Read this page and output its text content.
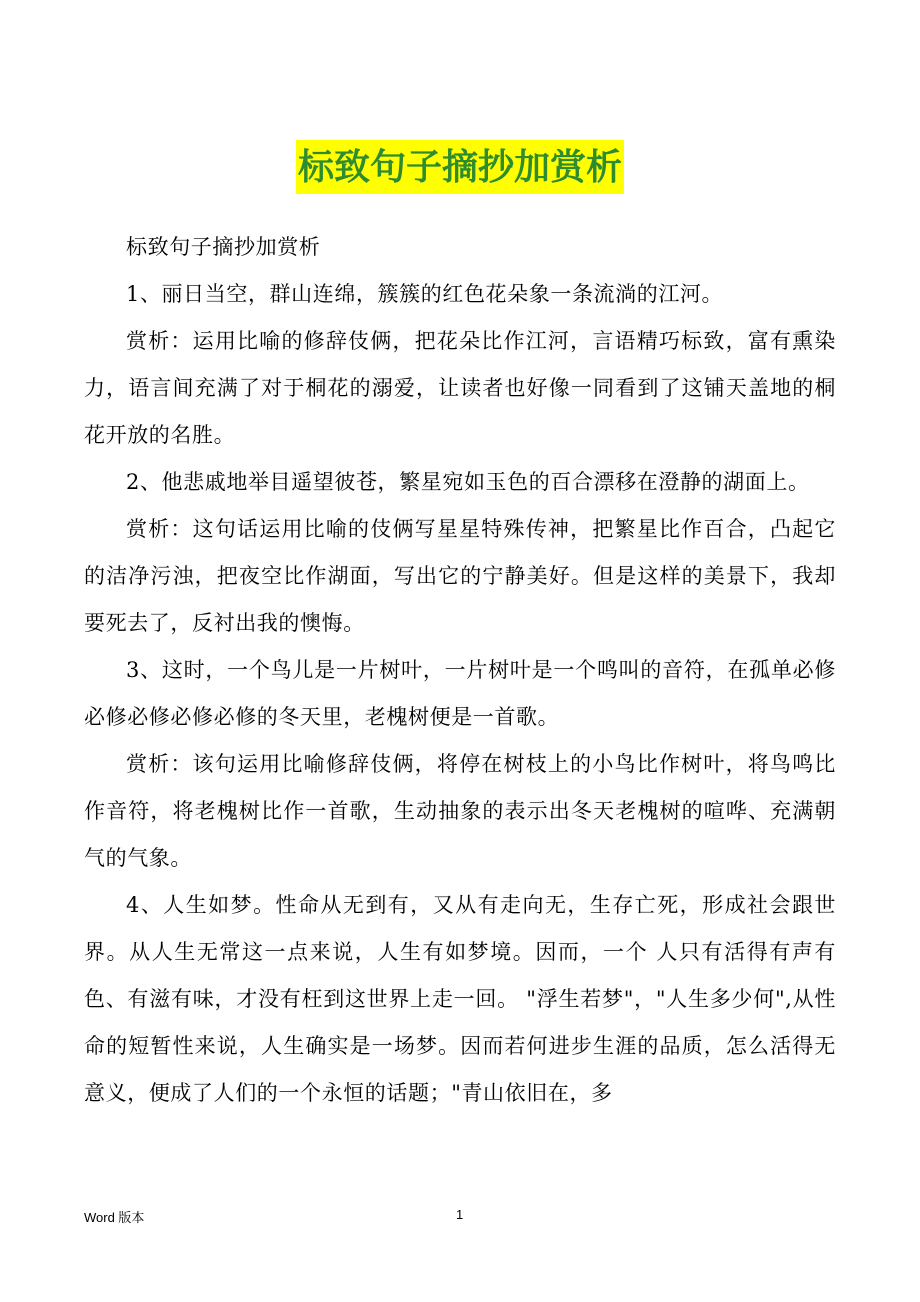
标致句子摘抄加赏析

标致句子摘抄加赏析

1、丽日当空，群山连绵，簇簇的红色花朵象一条流淌的江河。

赏析：运用比喻的修辞伎俩，把花朵比作江河，言语精巧标致，富有熏染力，语言间充满了对于桐花的溺爱，让读者也好像一同看到了这铺天盖地的桐花开放的名胜。

2、他悲戚地举目遥望彼苍，繁星宛如玉色的百合漂移在澄静的湖面上。

赏析：这句话运用比喻的伎俩写星星特殊传神，把繁星比作百合，凸起它的洁净污浊，把夜空比作湖面，写出它的宁静美好。但是这样的美景下，我却要死去了，反衬出我的懊悔。

3、这时，一个鸟儿是一片树叶，一片树叶是一个鸣叫的音符，在孤单必修必修必修必修必修的冬天里，老槐树便是一首歌。

赏析：该句运用比喻修辞伎俩，将停在树枝上的小鸟比作树叶，将鸟鸣比作音符，将老槐树比作一首歌，生动抽象的表示出冬天老槐树的喧哗、充满朝气的气象。

4、人生如梦。性命从无到有，又从有走向无，生存亡死，形成社会跟世界。从人生无常这一点来说，人生有如梦境。因而，一个 人只有活得有声有色、有滋有味，才没有枉到这世界上走一回。 "浮生若梦"，"人生多少何",从性命的短暂性来说，人生确实是一场梦。因而若何进步生涯的品质，怎么活得无意义，便成了人们的一个永恒的话题；"青山依旧在，多

Word 版本	1
